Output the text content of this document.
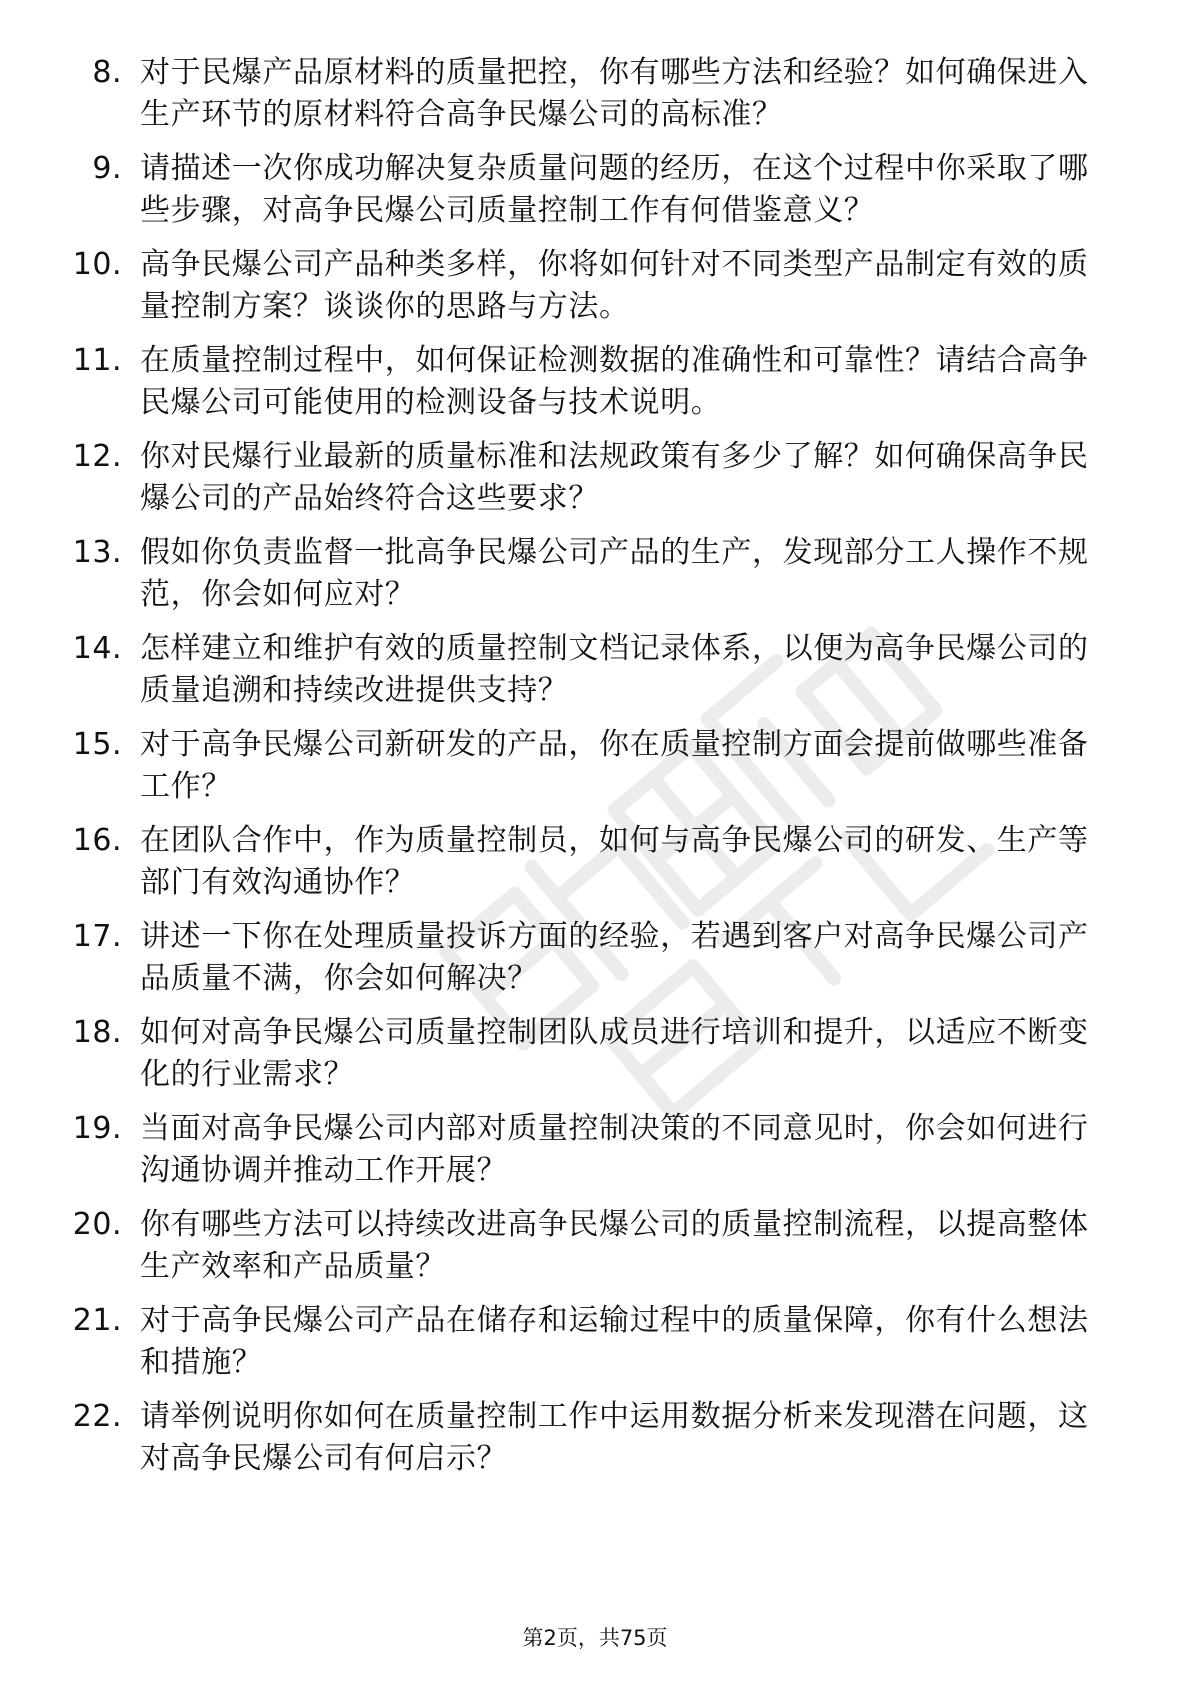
8. 对于民爆产品原材料的质量把控，你有哪些方法和经验？如何确保进入生产环节的原材料符合高争民爆公司的高标准？
9. 请描述一次你成功解决复杂质量问题的经历，在这个过程中你采取了哪些步骤，对高争民爆公司质量控制工作有何借鉴意义？
10. 高争民爆公司产品种类多样，你将如何针对不同类型产品制定有效的质量控制方案？谈谈你的思路与方法。
11. 在质量控制过程中，如何保证检测数据的准确性和可靠性？请结合高争民爆公司可能使用的检测设备与技术说明。
12. 你对民爆行业最新的质量标准和法规政策有多少了解？如何确保高争民爆公司的产品始终符合这些要求？
13. 假如你负责监督一批高争民爆公司产品的生产，发现部分工人操作不规范，你会如何应对？
14. 怎样建立和维护有效的质量控制文档记录体系，以便为高争民爆公司的质量追溯和持续改进提供支持？
15. 对于高争民爆公司新研发的产品，你在质量控制方面会提前做哪些准备工作？
16. 在团队合作中，作为质量控制员，如何与高争民爆公司的研发、生产等部门有效沟通协作？
17. 讲述一下你在处理质量投诉方面的经验，若遇到客户对高争民爆公司产品质量不满，你会如何解决？
18. 如何对高争民爆公司质量控制团队成员进行培训和提升，以适应不断变化的行业需求？
19. 当面对高争民爆公司内部对质量控制决策的不同意见时，你会如何进行沟通协调并推动工作开展？
20. 你有哪些方法可以持续改进高争民爆公司的质量控制流程，以提高整体生产效率和产品质量？
21. 对于高争民爆公司产品在储存和运输过程中的质量保障，你有什么想法和措施？
22. 请举例说明你如何在质量控制工作中运用数据分析来发现潜在问题，这对高争民爆公司有何启示？
第2页，共75页
